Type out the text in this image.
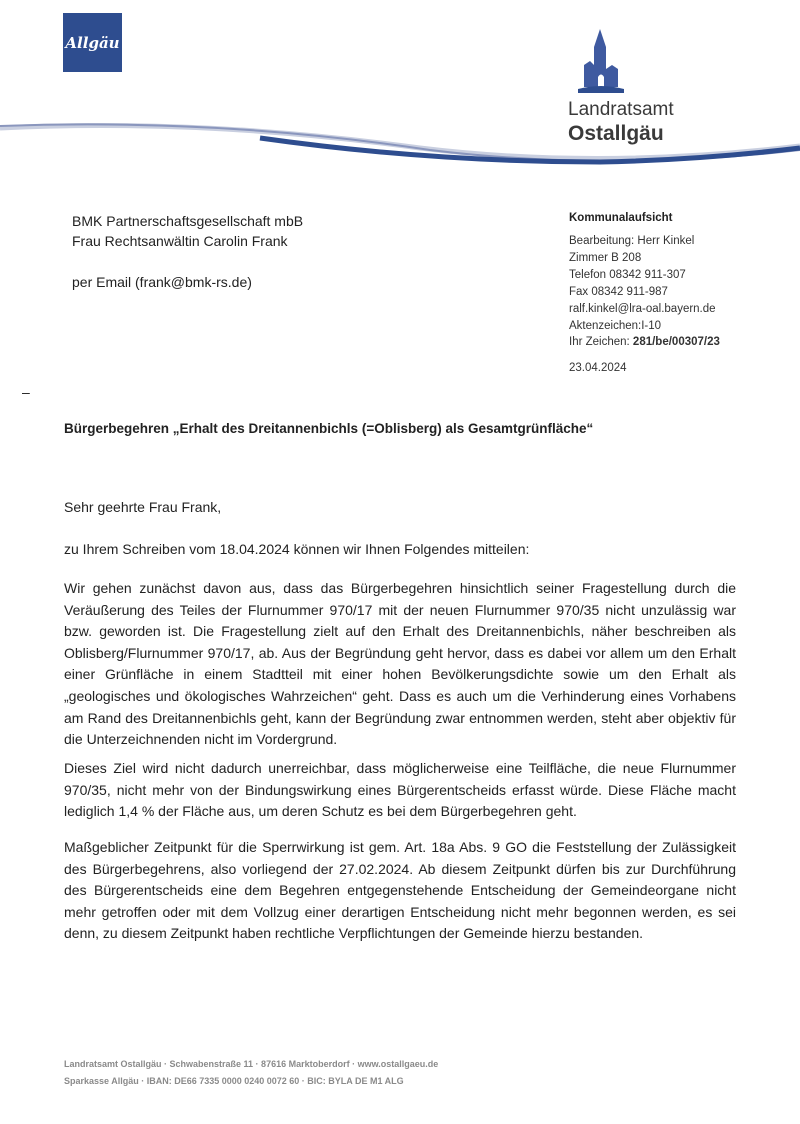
Allgäu
Landratsamt
Ostallgäu
BMK Partnerschaftsgesellschaft mbB
Frau Rechtsanwältin Carolin Frank
per Email (frank@bmk-rs.de)
Kommunalaufsicht
Bearbeitung: Herr Kinkel
Zimmer B 208
Telefon 08342 911-307
Fax 08342 911-987
ralf.kinkel@lra-oal.bayern.de
Aktenzeichen:I-10
Ihr Zeichen: 281/be/00307/23
23.04.2024
–
Bürgerbegehren „Erhalt des Dreitannenbichls (=Oblisberg) als Gesamtgrünfläche“

Sehr geehrte Frau Frank,

zu Ihrem Schreiben vom 18.04.2024 können wir Ihnen Folgendes mitteilen:

Wir gehen zunächst davon aus, dass das Bürgerbegehren hinsichtlich seiner Fragestellung durch die Veräußerung des Teiles der Flurnummer 970/17 mit der neuen Flurnummer 970/35 nicht unzulässig war bzw. geworden ist. Die Fragestellung zielt auf den Erhalt des Dreitannenbichls, näher beschreiben als Oblisberg/Flurnummer 970/17, ab. Aus der Begründung geht hervor, dass es dabei vor allem um den Erhalt einer Grünfläche in einem Stadtteil mit einer hohen Bevölkerungsdichte sowie um den Erhalt als „geologisches und ökologisches Wahrzeichen“ geht. Dass es auch um die Verhinderung eines Vorhabens am Rand des Dreitannenbichls geht, kann der Begründung zwar entnommen werden, steht aber objektiv für die Unterzeichnenden nicht im Vordergrund.

Dieses Ziel wird nicht dadurch unerreichbar, dass möglicherweise eine Teilfläche, die neue Flurnummer 970/35, nicht mehr von der Bindungswirkung eines Bürgerentscheids erfasst würde. Diese Fläche macht lediglich 1,4 % der Fläche aus, um deren Schutz es bei dem Bürgerbegehren geht.

Maßgeblicher Zeitpunkt für die Sperrwirkung ist gem. Art. 18a Abs. 9 GO die Feststellung der Zulässigkeit des Bürgerbegehrens, also vorliegend der 27.02.2024. Ab diesem Zeitpunkt dürfen bis zur Durchführung des Bürgerentscheids eine dem Begehren entgegenstehende Entscheidung der Gemeindeorgane nicht mehr getroffen oder mit dem Vollzug einer derartigen Entscheidung nicht mehr begonnen werden, es sei denn, zu diesem Zeitpunkt haben rechtliche Verpflichtungen der Gemeinde hierzu bestanden.

Landratsamt Ostallgäu · Schwabenstraße 11 · 87616 Marktoberdorf · www.ostallgaeu.de
Sparkasse Allgäu · IBAN: DE66 7335 0000 0240 0072 60 · BIC: BYLA DE M1 ALG
